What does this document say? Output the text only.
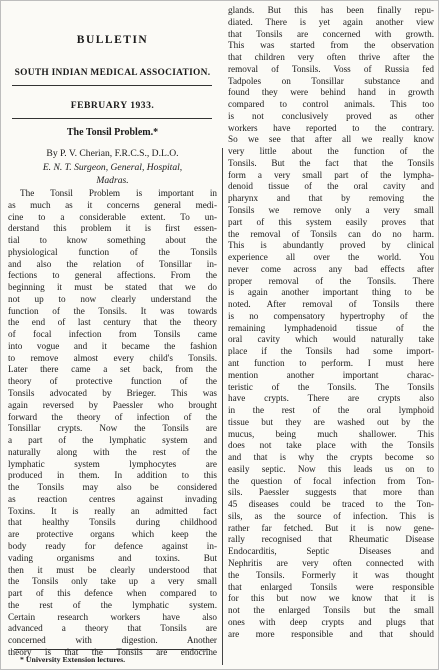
BULLETIN
SOUTH INDIAN MEDICAL ASSOCIATION.
FEBRUARY 1933.
The Tonsil Problem.*
By P. V. Cherian, F.R.C.S., D.L.O.
E. N. T. Surgeon, General, Hospital,
Madras.
The Tonsil Problem is important in
as much as it concerns general medi-
cine to a considerable extent. To un-
derstand this problem it is first essen-
tial to know something about the
physiological function of the Tonsils
and also the relation of Tonsillar in-
fections to general affections. From the
beginning it must be stated that we do
not up to now clearly understand the
function of the Tonsils. It was towards
the end of last century that the theory
of focal infection from Tonsils came
into vogue and it became the fashion
to remove almost every child's Tonsils.
Later there came a set back, from the
theory of protective function of the
Tonsils advocated by Brieger. This was
again reversed by Paessler who brought
forward the theory of infection of the
Tonsillar crypts. Now the Tonsils are
a part of the lymphatic system and
naturally along with the rest of the
lymphatic system lymphocytes are
produced in them. In addition to this
the Tonsils may also be considered
as reaction centres against invading
Toxins. It is really an admitted fact
that healthy Tonsils during childhood
are protective organs which keep the
body ready for defence against in-
vading organisms and toxins. But
then it must be clearly understood that
the Tonsils only take up a very small
part of this defence when compared to
the rest of the lymphatic system.
Certain research workers have also
advanced a theory that Tonsils are
concerned with digestion. Another
theory is that the Tonsils are endocrine
* University Extension lectures.
glands. But this has been finally repu-
diated. There is yet again another view
that Tonsils are concerned with growth.
This was started from the observation
that children very often thrive after the
removal of Tonsils. Voss of Russia fed
Tadpoles on Tonsillar substance and
found they were behind hand in growth
compared to control animals. This too
is not conclusively proved as other
workers have reported to the contrary.
So we see that after all we really know
very little about the function of the
Tonsils. But the fact that the Tonsils
form a very small part of the lympha-
denoid tissue of the oral cavity and
pharynx and that by removing the
Tonsils we remove only a very small
part of this system easily proves that
the removal of Tonsils can do no harm.
This is abundantly proved by clinical
experience all over the world. You
never come across any bad effects after
proper removal of the Tonsils. There
is again another important thing to be
noted. After removal of Tonsils there
is no compensatory hypertrophy of the
remaining lymphadenoid tissue of the
oral cavity which would naturally take
place if the Tonsils had some import-
ant function to perform. I must here
mention another important charac-
teristic of the Tonsils. The Tonsils
have crypts. There are crypts also
in the rest of the oral lymphoid
tissue but they are washed out by the
mucus, being much shallower. This
does not take place with the Tonsils
and that is why the crypts become so
easily septic. Now this leads us on to
the question of focal infection from Ton-
sils. Paessler suggests that more than
45 diseases could be traced to the Ton-
sils, as the source of infection. This is
rather far fetched. But it is now gene-
rally recognised that Rheumatic Disease
Endocarditis, Septic Diseases and
Nephritis are very often connected with
the Tonsils. Formerly it was thought
that enlarged Tonsils were responsible
for this but now we know that it is
not the enlarged Tonsils but the small
ones with deep crypts and plugs that
are more responsible and that should
